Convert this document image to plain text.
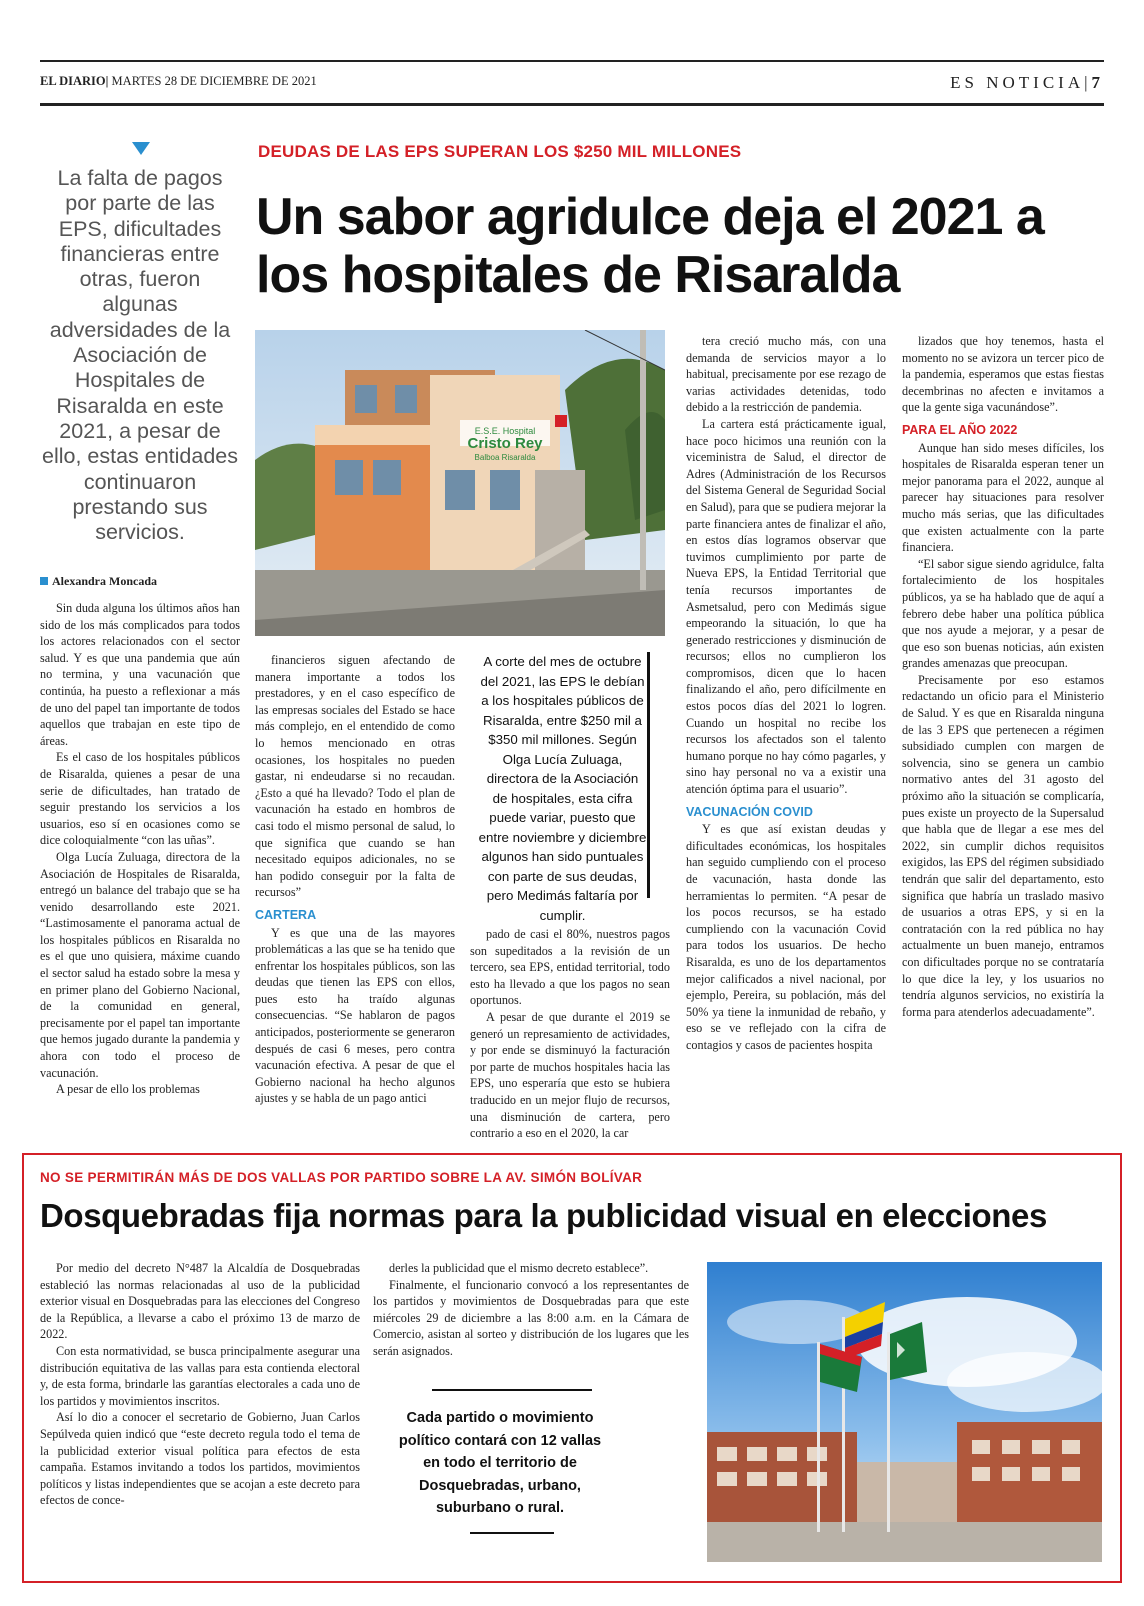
EL DIARIO| MARTES 28 DE DICIEMBRE DE 2021	ES NOTICIA|7
La falta de pagos por parte de las EPS, dificultades financieras entre otras, fueron algunas adversidades de la Asociación de Hospitales de Risaralda en este 2021, a pesar de ello, estas entidades continuaron prestando sus servicios.
Alexandra Moncada
DEUDAS DE LAS EPS SUPERAN LOS $250 MIL MILLONES
Un sabor agridulce deja el 2021 a los hospitales de Risaralda
E.S.E. Hospital
Cristo Rey
Balboa Risaralda

Sin duda alguna los últimos años han sido de los más complicados para todos los actores relacionados con el sector salud. Y es que una pandemia que aún no termina, y una vacunación que continúa, ha puesto a reflexionar a más de uno del papel tan importante de todos aquellos que trabajan en este tipo de áreas.

Es el caso de los hospitales públicos de Risaralda, quienes a pesar de una serie de dificultades, han tratado de seguir prestando los servicios a los usuarios, eso sí en ocasiones como se dice coloquialmente “con las uñas”.

Olga Lucía Zuluaga, directora de la Asociación de Hospitales de Risaralda, entregó un balance del trabajo que se ha venido desarrollando este 2021. “Lastimosamente el panorama actual de los hospitales públicos en Risaralda no es el que uno quisiera, máxime cuando el sector salud ha estado sobre la mesa y en primer plano del Gobierno Nacional, de la comunidad en general, precisamente por el papel tan importante que hemos jugado durante la pandemia y ahora con todo el proceso de vacunación.

A pesar de ello los problemas

financieros siguen afectando de manera importante a todos los prestadores, y en el caso específico de las empresas sociales del Estado se hace más complejo, en el entendido de como lo hemos mencionado en otras ocasiones, los hospitales no pueden gastar, ni endeudarse si no recaudan. ¿Esto a qué ha llevado? Todo el plan de vacunación ha estado en hombros de casi todo el mismo personal de salud, lo que significa que cuando se han necesitado equipos adicionales, no se han podido conseguir por la falta de recursos”

CARTERA

Y es que una de las mayores problemáticas a las que se ha tenido que enfrentar los hospitales públicos, son las deudas que tienen las EPS con ellos, pues esto ha traído algunas consecuencias. “Se hablaron de pagos anticipados, posteriormente se generaron después de casi 6 meses, pero contra vacunación efectiva. A pesar de que el Gobierno nacional ha hecho algunos ajustes y se habla de un pago antici

A corte del mes de octubre del 2021, las EPS le debían a los hospitales públicos de Risaralda, entre $250 mil a $350 mil millones. Según Olga Lucía Zuluaga, directora de la Asociación de hospitales, esta cifra puede variar, puesto que entre noviembre y diciembre algunos han sido puntuales con parte de sus deudas, pero Medimás faltaría por cumplir.

pado de casi el 80%, nuestros pagos son supeditados a la revisión de un tercero, sea EPS, entidad territorial, todo esto ha llevado a que los pagos no sean oportunos.

A pesar de que durante el 2019 se generó un represamiento de actividades, y por ende se disminuyó la facturación por parte de muchos hospitales hacia las EPS, uno esperaría que esto se hubiera traducido en un mejor flujo de recursos, una disminución de cartera, pero contrario a eso en el 2020, la car

tera creció mucho más, con una demanda de servicios mayor a lo habitual, precisamente por ese rezago de varias actividades detenidas, todo debido a la restricción de pandemia.

La cartera está prácticamente igual, hace poco hicimos una reunión con la viceministra de Salud, el director de Adres (Administración de los Recursos del Sistema General de Seguridad Social en Salud), para que se pudiera mejorar la parte financiera antes de finalizar el año, en estos días logramos observar que tuvimos cumplimiento por parte de Nueva EPS, la Entidad Territorial que tenía recursos importantes de Asmetsalud, pero con Medimás sigue empeorando la situación, lo que ha generado restricciones y disminución de recursos; ellos no cumplieron los compromisos, dicen que lo hacen finalizando el año, pero difícilmente en estos pocos días del 2021 lo logren. Cuando un hospital no recibe los recursos los afectados son el talento humano porque no hay cómo pagarles, y sino hay personal no va a existir una atención óptima para el usuario”.

VACUNACIÓN COVID

Y es que así existan deudas y dificultades económicas, los hospitales han seguido cumpliendo con el proceso de vacunación, hasta donde las herramientas lo permiten. “A pesar de los pocos recursos, se ha estado cumpliendo con la vacunación Covid para todos los usuarios. De hecho Risaralda, es uno de los departamentos mejor calificados a nivel nacional, por ejemplo, Pereira, su población, más del 50% ya tiene la inmunidad de rebaño, y eso se ve reflejado con la cifra de contagios y casos de pacientes hospita

lizados que hoy tenemos, hasta el momento no se avizora un tercer pico de la pandemia, esperamos que estas fiestas decembrinas no afecten e invitamos a que la gente siga vacunándose”.

PARA EL AÑO 2022

Aunque han sido meses difíciles, los hospitales de Risaralda esperan tener un mejor panorama para el 2022, aunque al parecer hay situaciones para resolver mucho más serias, que las dificultades que existen actualmente con la parte financiera.

“El sabor sigue siendo agridulce, falta fortalecimiento de los hospitales públicos, ya se ha hablado que de aquí a febrero debe haber una política pública que nos ayude a mejorar, y a pesar de que eso son buenas noticias, aún existen grandes amenazas que preocupan.

Precisamente por eso estamos redactando un oficio para el Ministerio de Salud. Y es que en Risaralda ninguna de las 3 EPS que pertenecen a régimen subsidiado cumplen con margen de solvencia, sino se genera un cambio normativo antes del 31 agosto del próximo año la situación se complicaría, pues existe un proyecto de la Supersalud que habla que de llegar a ese mes del 2022, sin cumplir dichos requisitos exigidos, las EPS del régimen subsidiado tendrán que salir del departamento, esto significa que habría un traslado masivo de usuarios a otras EPS, y si en la contratación con la red pública no hay actualmente un buen manejo, entramos con dificultades porque no se contrataría lo que dice la ley, y los usuarios no tendría algunos servicios, no existiría la forma para atenderlos adecuadamente”.

NO SE PERMITIRÁN MÁS DE DOS VALLAS POR PARTIDO SOBRE LA AV. SIMÓN BOLÍVAR
Dosquebradas fija normas para la publicidad visual en elecciones

Por medio del decreto N°487 la Alcaldía de Dosquebradas estableció las normas relacionadas al uso de la publicidad exterior visual en Dosquebradas para las elecciones del Congreso de la República, a llevarse a cabo el próximo 13 de marzo de 2022.

Con esta normatividad, se busca principalmente asegurar una distribución equitativa de las vallas para esta contienda electoral y, de esta forma, brindarle las garantías electorales a cada uno de los partidos y movimientos inscritos.

Así lo dio a conocer el secretario de Gobierno, Juan Carlos Sepúlveda quien indicó que “este decreto regula todo el tema de la publicidad exterior visual política para efectos de esta campaña. Estamos invitando a todos los partidos, movimientos políticos y listas independientes que se acojan a este decreto para efectos de conce-

derles la publicidad que el mismo decreto establece”.

Finalmente, el funcionario convocó a los representantes de los partidos y movimientos de Dosquebradas para que este miércoles 29 de diciembre a las 8:00 a.m. en la Cámara de Comercio, asistan al sorteo y distribución de los lugares que les serán asignados.

Cada partido o movimiento político contará con 12 vallas en todo el territorio de Dosquebradas, urbano, suburbano o rural.
